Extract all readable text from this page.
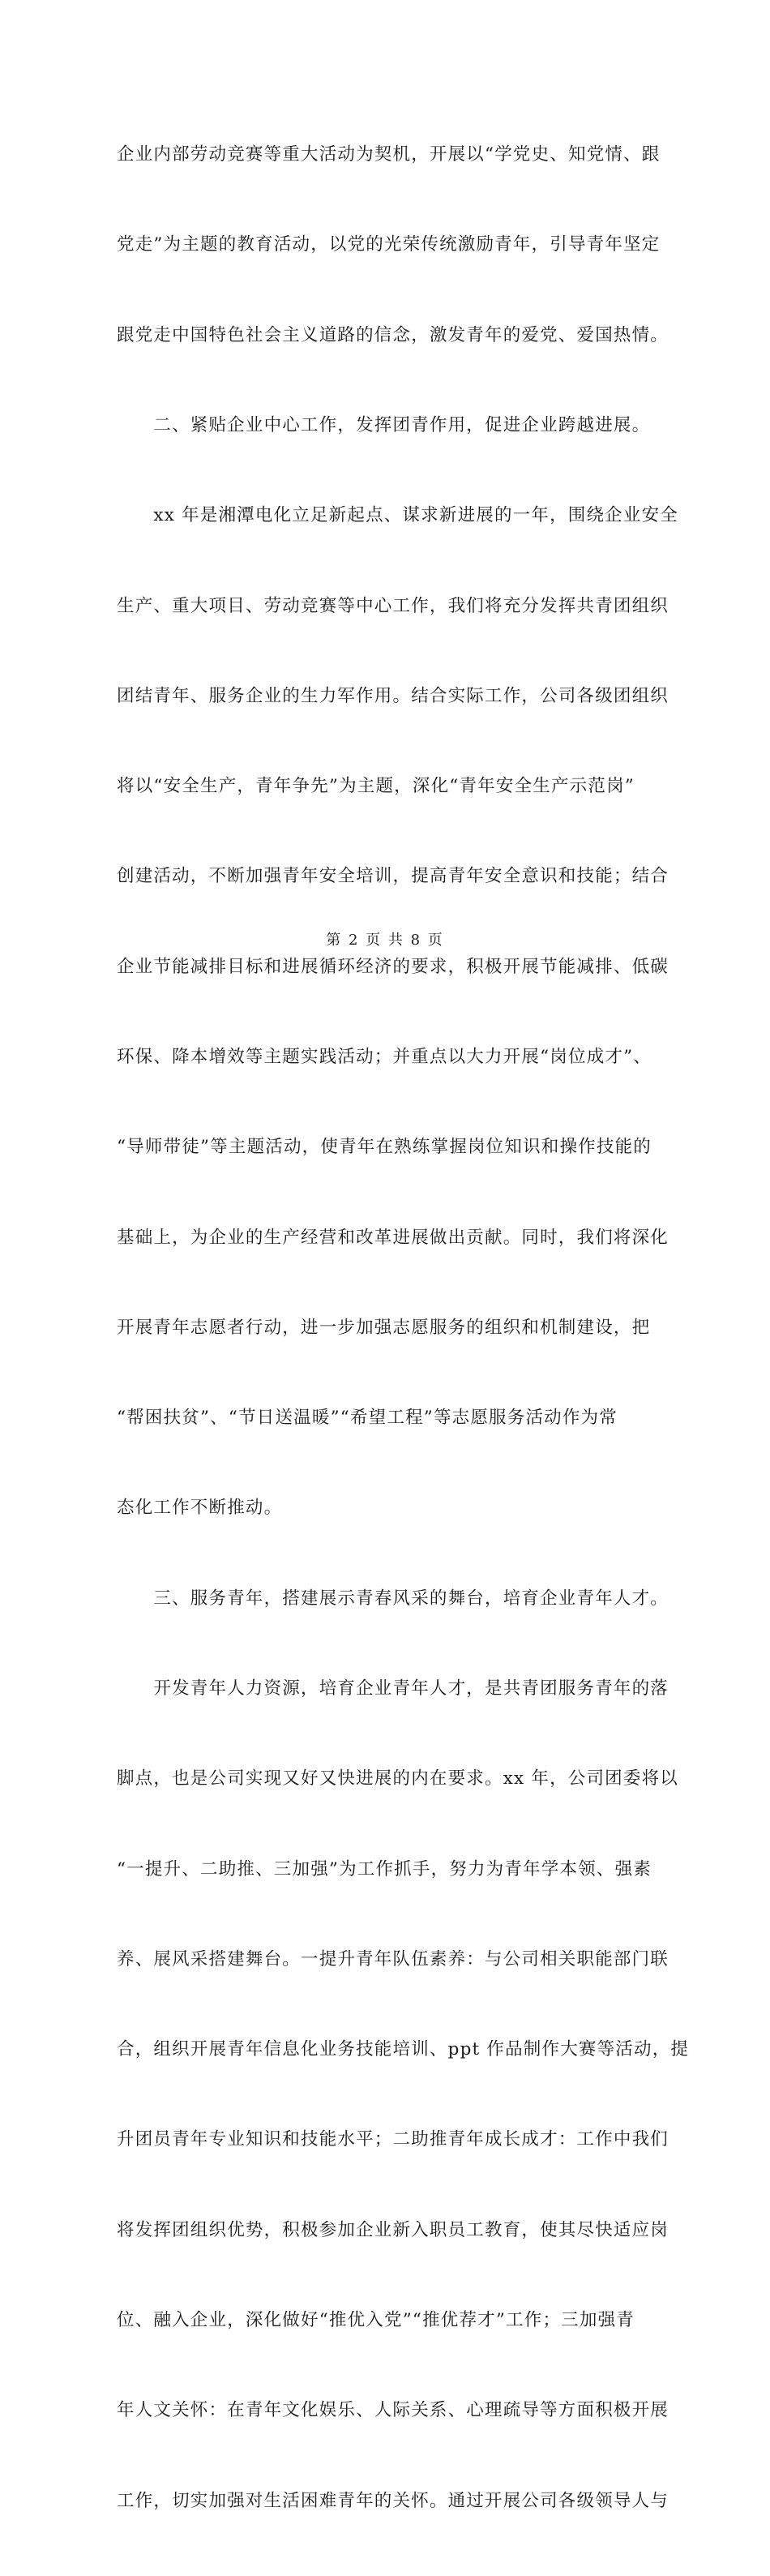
企业内部劳动竞赛等重大活动为契机，开展以“学党史、知党情、跟

党走”为主题的教育活动，以党的光荣传统激励青年，引导青年坚定

跟党走中国特色社会主义道路的信念，激发青年的爱党、爱国热情。

　　二、紧贴企业中心工作，发挥团青作用，促进企业跨越进展。

　　xx 年是湘潭电化立足新起点、谋求新进展的一年，围绕企业安全

生产、重大项目、劳动竞赛等中心工作，我们将充分发挥共青团组织

团结青年、服务企业的生力军作用。结合实际工作，公司各级团组织

将以“安全生产，青年争先”为主题，深化“青年安全生产示范岗”

创建活动，不断加强青年安全培训，提高青年安全意识和技能；结合

企业节能减排目标和进展循环经济的要求，积极开展节能减排、低碳

环保、降本增效等主题实践活动；并重点以大力开展“岗位成才”、

“导师带徒”等主题活动，使青年在熟练掌握岗位知识和操作技能的

基础上，为企业的生产经营和改革进展做出贡献。同时，我们将深化

开展青年志愿者行动，进一步加强志愿服务的组织和机制建设，把

“帮困扶贫”、“节日送温暖”“希望工程”等志愿服务活动作为常

态化工作不断推动。

　　三、服务青年，搭建展示青春风采的舞台，培育企业青年人才。

　　开发青年人力资源，培育企业青年人才，是共青团服务青年的落

脚点，也是公司实现又好又快进展的内在要求。xx 年，公司团委将以

“一提升、二助推、三加强”为工作抓手，努力为青年学本领、强素

养、展风采搭建舞台。一提升青年队伍素养：与公司相关职能部门联

合，组织开展青年信息化业务技能培训、ppt 作品制作大赛等活动，提

升团员青年专业知识和技能水平；二助推青年成长成才：工作中我们

将发挥团组织优势，积极参加企业新入职员工教育，使其尽快适应岗

位、融入企业，深化做好“推优入党”“推优荐才”工作；三加强青

年人文关怀：在青年文化娱乐、人际关系、心理疏导等方面积极开展

工作，切实加强对生活困难青年的关怀。通过开展公司各级领导人与

第 2 页 共 8 页
